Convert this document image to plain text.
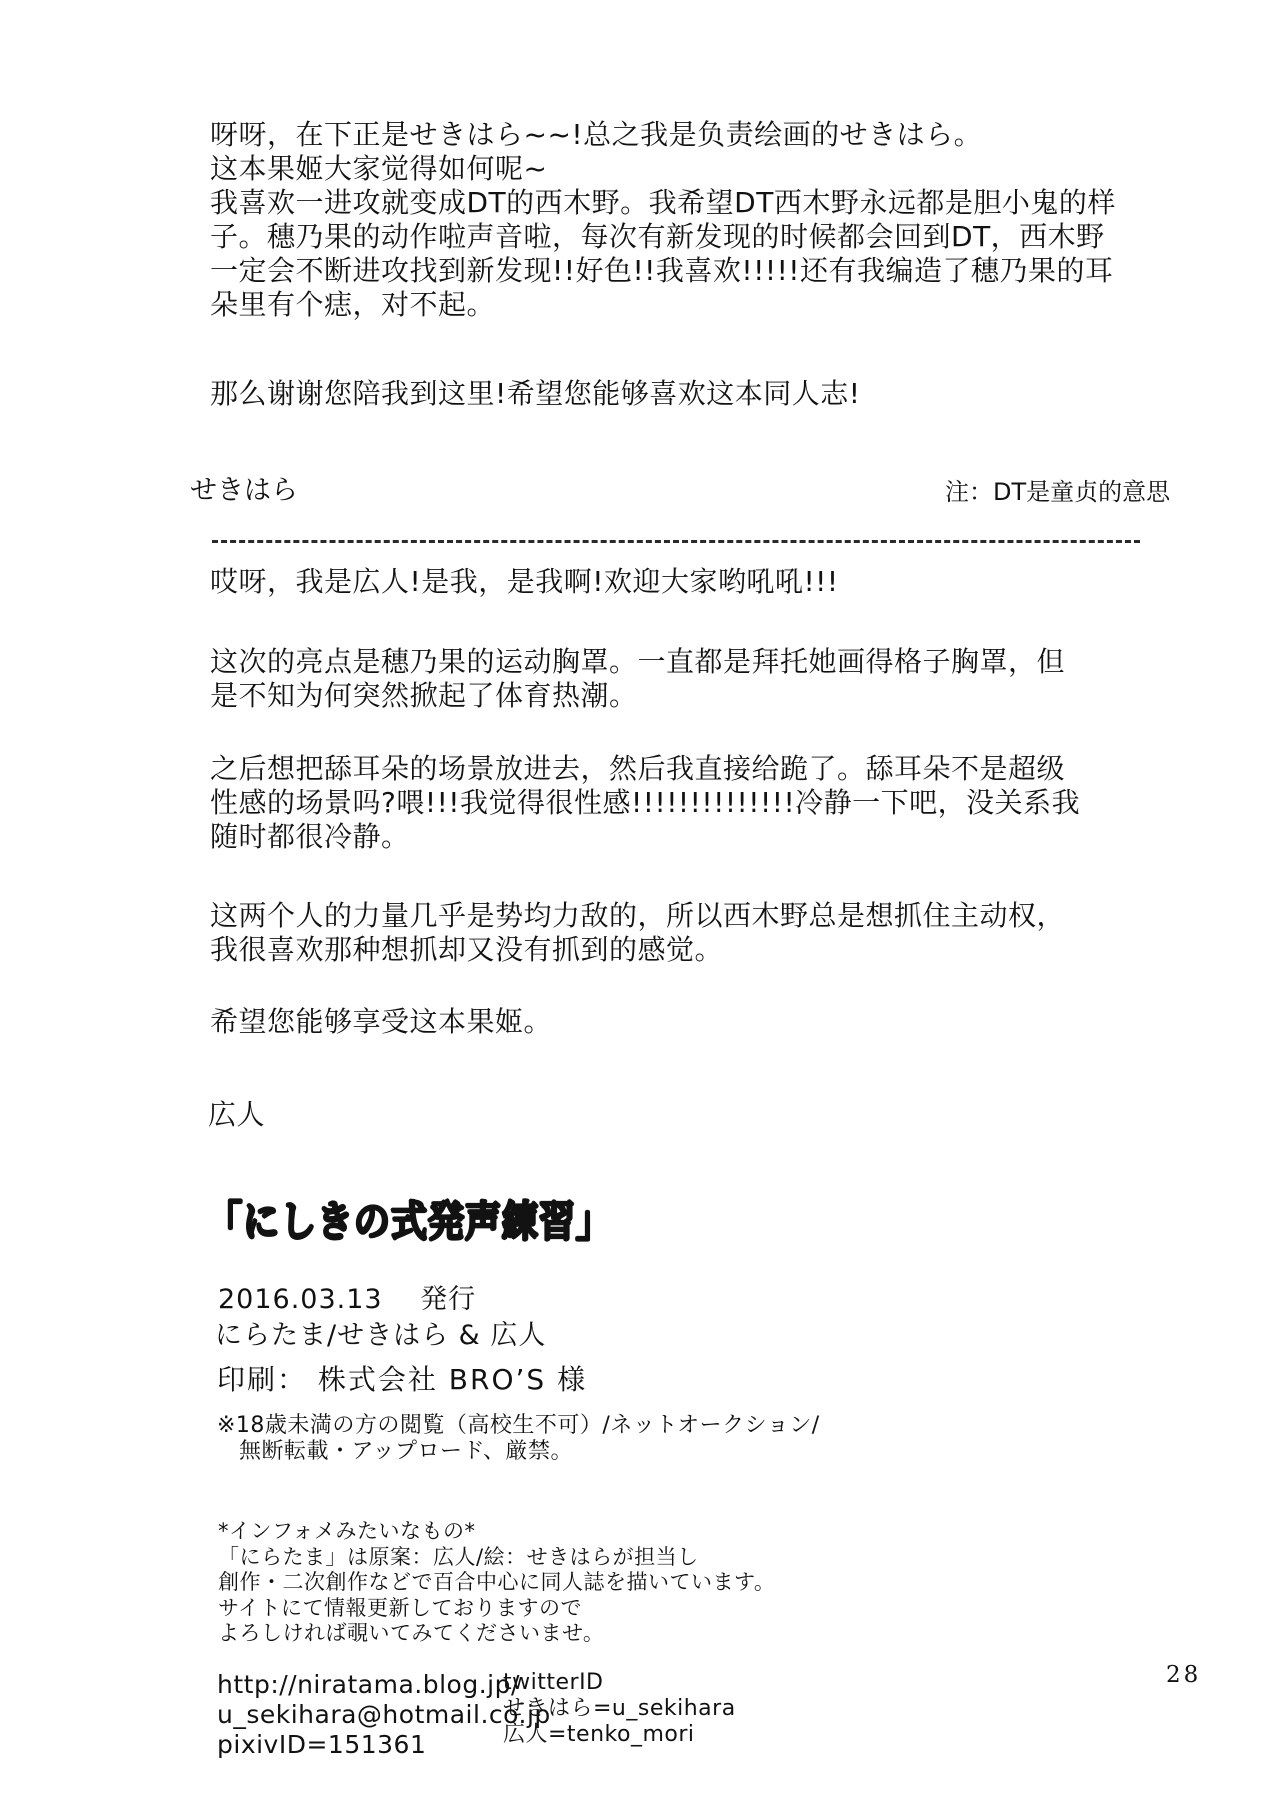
呀呀，在下正是せきはら~~!总之我是负责绘画的せきはら。
这本果姬大家觉得如何呢~
我喜欢一进攻就变成DT的西木野。我希望DT西木野永远都是胆小鬼的样
子。穗乃果的动作啦声音啦，每次有新发现的时候都会回到DT，西木野
一定会不断进攻找到新发现!!好色!!我喜欢!!!!!还有我编造了穗乃果的耳
朵里有个痣，对不起。
那么谢谢您陪我到这里!希望您能够喜欢这本同人志!
せきはら	注：DT是童贞的意思
哎呀，我是広人!是我，是我啊!欢迎大家哟吼吼!!!
这次的亮点是穗乃果的运动胸罩。一直都是拜托她画得格子胸罩，但
是不知为何突然掀起了体育热潮。
之后想把舔耳朵的场景放进去，然后我直接给跪了。舔耳朵不是超级
性感的场景吗?喂!!!我觉得很性感!!!!!!!!!!!!!!冷静一下吧，没关系我
随时都很冷静。
这两个人的力量几乎是势均力敌的，所以西木野总是想抓住主动权，
我很喜欢那种想抓却又没有抓到的感觉。
希望您能够享受这本果姬。
広人
「にしきの式発声練習」
2016.03.13　 発行
にらたま/せきはら & 広人
印刷： 株式会社 BRO’S 様
※18歳未満の方の閲覧（高校生不可）/ネットオークション/
無断転載・アップロード、厳禁。
*インフォメみたいなもの*
「にらたま」は原案：広人/絵：せきはらが担当し
創作・二次創作などで百合中心に同人誌を描いています。
サイトにて情報更新しておりますので
よろしければ覗いてみてくださいませ。
http://niratama.blog.jp/
u_sekihara@hotmail.co.jp
pixivID=151361
twitterID
せきはら=u_sekihara
広人=tenko_mori
28
